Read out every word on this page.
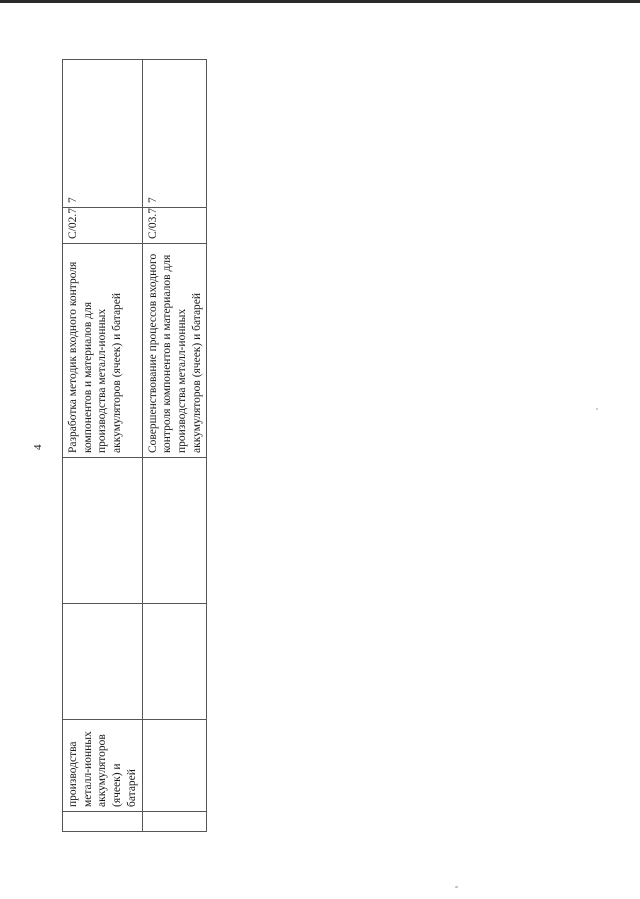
4
	производства
металл-ионных
аккумуляторов
(ячеек) и батарей			Разработка методик входного контроля
компонентов и материалов для
производства металл-ионных
аккумуляторов (ячеек) и батарей	C/02.7	7
				Совершенствование процессов входного
контроля компонентов и материалов для
производства металл-ионных
аккумуляторов (ячеек) и батарей	C/03.7	7
